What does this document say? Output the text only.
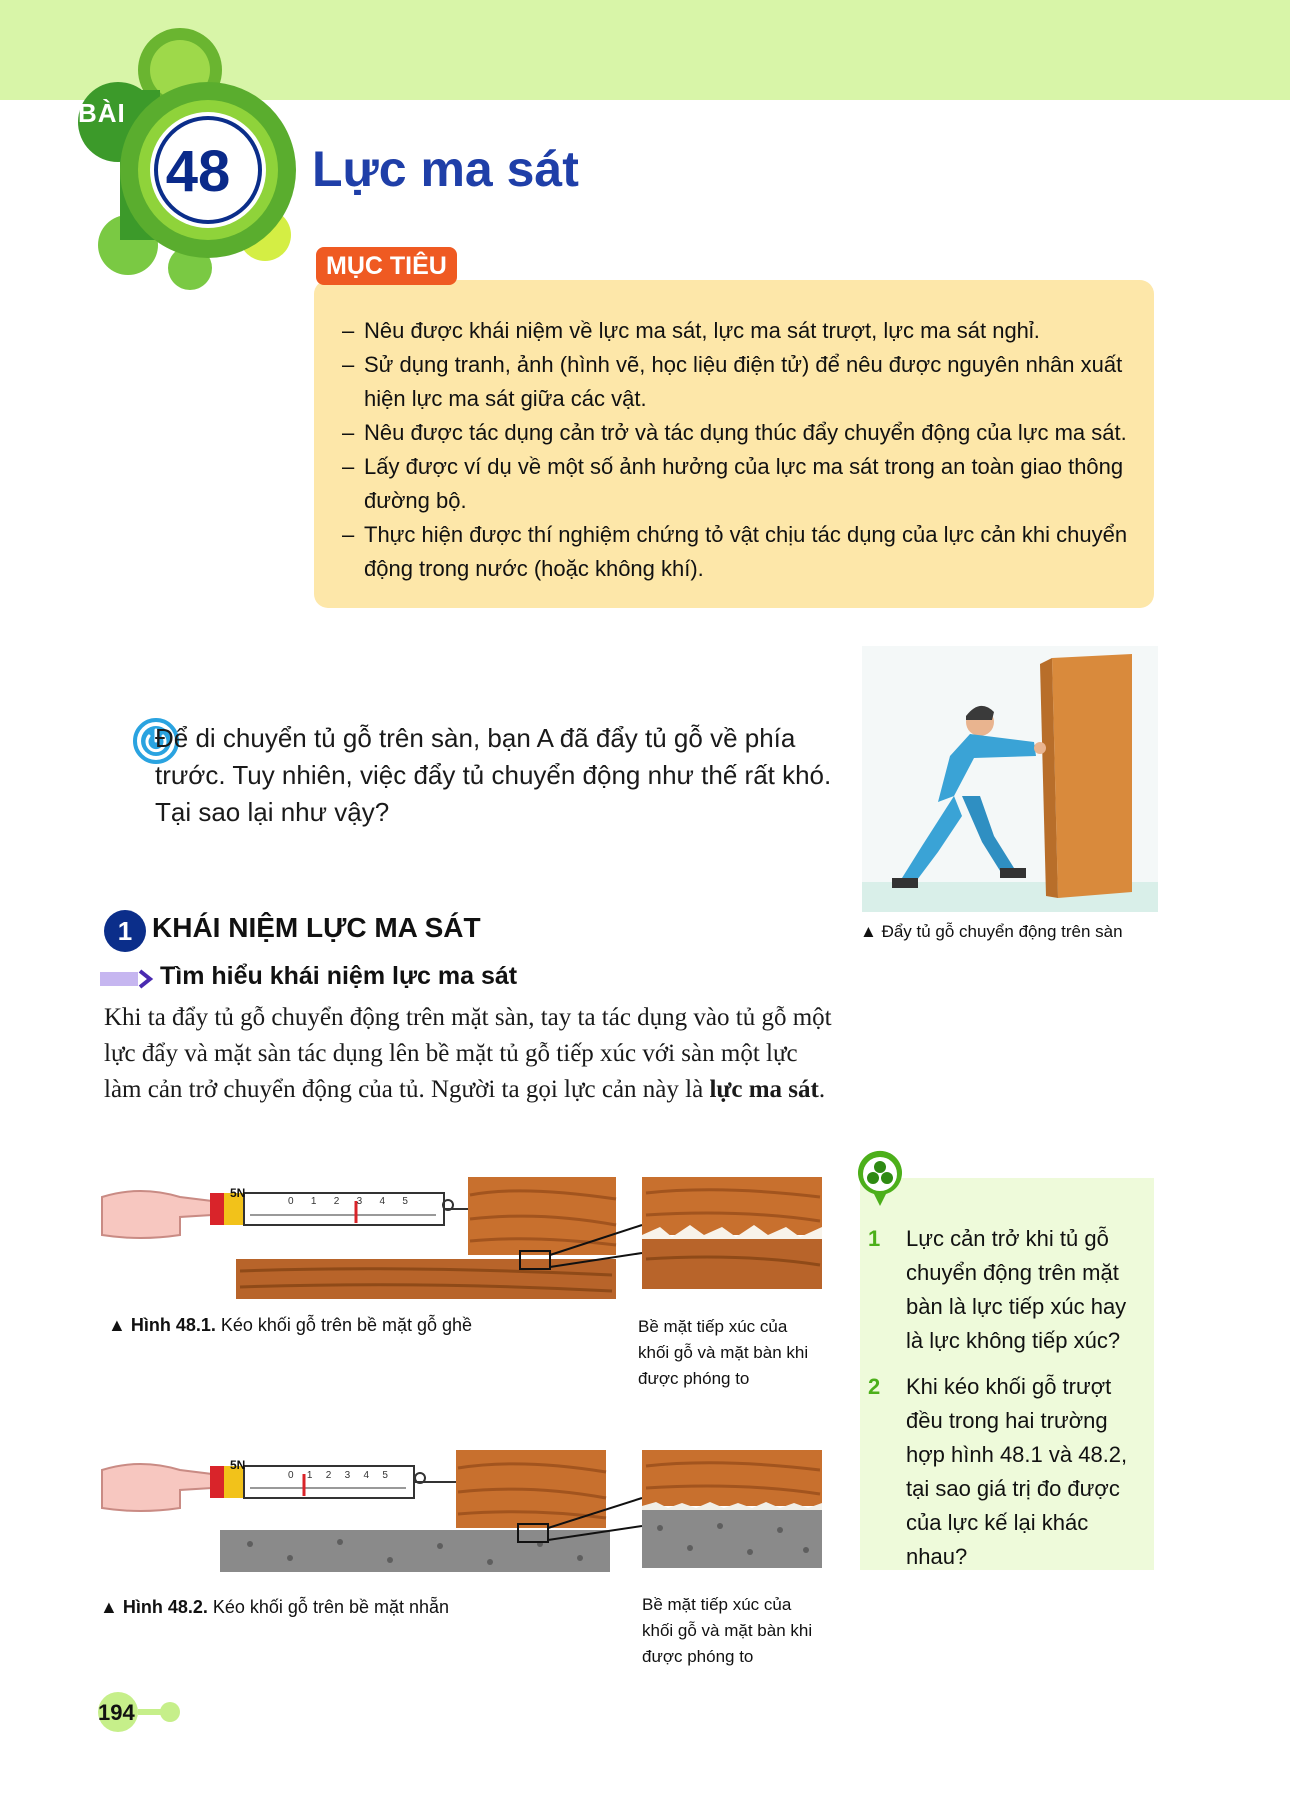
BÀI
48	Lực ma sát
MỤC TIÊU
– Nêu được khái niệm về lực ma sát, lực ma sát trượt, lực ma sát nghỉ.
– Sử dụng tranh, ảnh (hình vẽ, học liệu điện tử) để nêu được nguyên nhân xuất hiện lực ma sát giữa các vật.
– Nêu được tác dụng cản trở và tác dụng thúc đẩy chuyển động của lực ma sát.
– Lấy được ví dụ về một số ảnh hưởng của lực ma sát trong an toàn giao thông đường bộ.
– Thực hiện được thí nghiệm chứng tỏ vật chịu tác dụng của lực cản khi chuyển động trong nước (hoặc không khí).
Để di chuyển tủ gỗ trên sàn, bạn A đã đẩy tủ gỗ về phía trước. Tuy nhiên, việc đẩy tủ chuyển động như thế rất khó. Tại sao lại như vậy?
▲ Đẩy tủ gỗ chuyển động trên sàn
1 KHÁI NIỆM LỰC MA SÁT
Tìm hiểu khái niệm lực ma sát
Khi ta đẩy tủ gỗ chuyển động trên mặt sàn, tay ta tác dụng vào tủ gỗ một lực đẩy và mặt sàn tác dụng lên bề mặt tủ gỗ tiếp xúc với sàn một lực làm cản trở chuyển động của tủ. Người ta gọi lực cản này là lực ma sát.
5N
0 1 2 3 4 5
▲ Hình 48.1. Kéo khối gỗ trên bề mặt gỗ ghề	Bề mặt tiếp xúc của khối gỗ và mặt bàn khi được phóng to
5N
0 1 2 3 4 5
▲ Hình 48.2. Kéo khối gỗ trên bề mặt nhẵn	Bề mặt tiếp xúc của khối gỗ và mặt bàn khi được phóng to
1 Lực cản trở khi tủ gỗ chuyển động trên mặt bàn là lực tiếp xúc hay là lực không tiếp xúc?
2 Khi kéo khối gỗ trượt đều trong hai trường hợp hình 48.1 và 48.2, tại sao giá trị đo được của lực kế lại khác nhau?
194
